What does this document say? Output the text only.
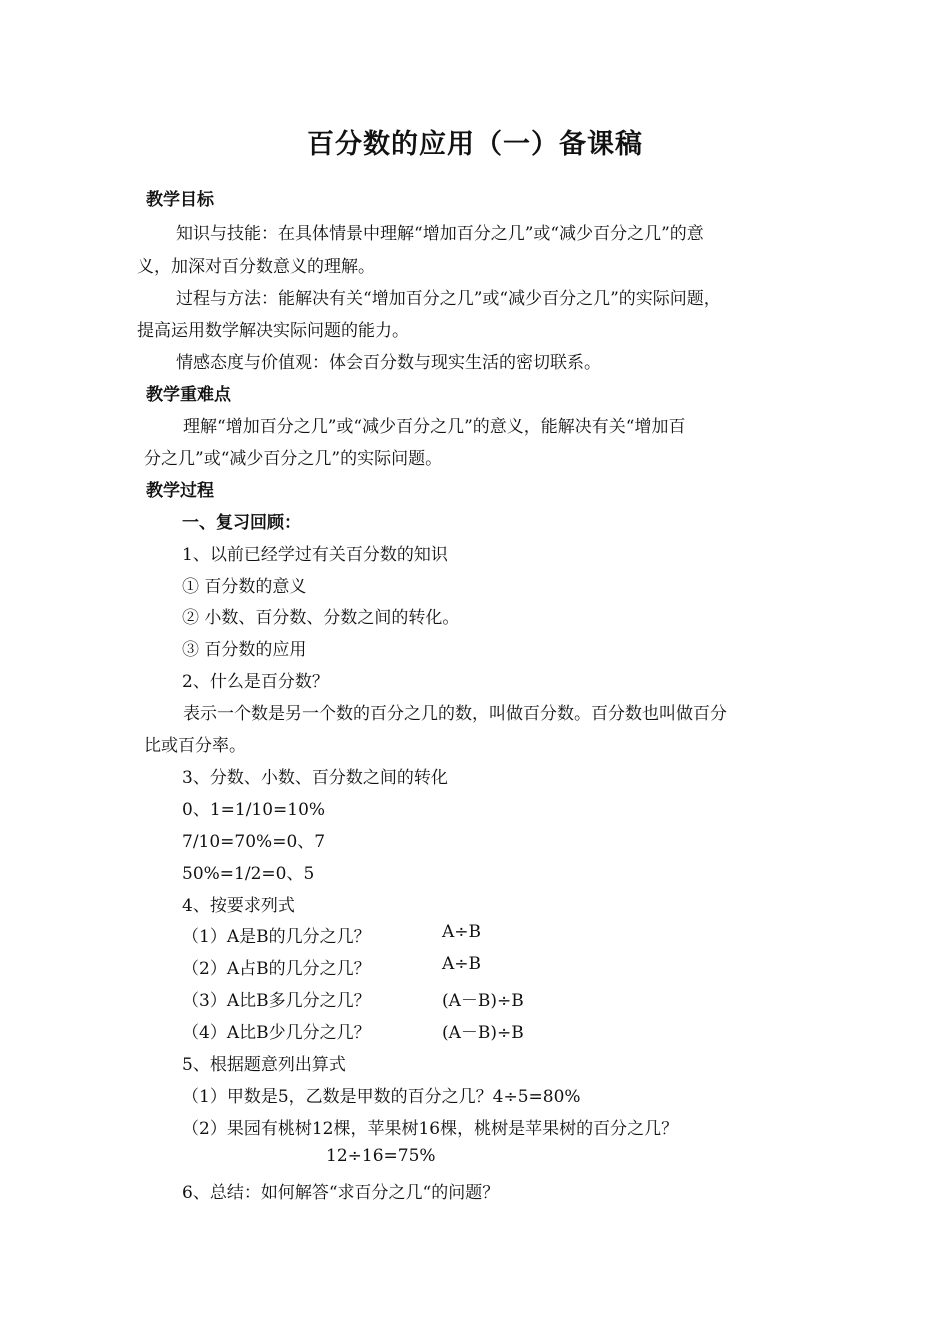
百分数的应用（一）备课稿
教学目标
知识与技能：在具体情景中理解“增加百分之几”或“减少百分之几”的意
义，加深对百分数意义的理解。
过程与方法：能解决有关“增加百分之几”或“减少百分之几”的实际问题，
提高运用数学解决实际问题的能力。
情感态度与价值观：体会百分数与现实生活的密切联系。
教学重难点
理解“增加百分之几”或“减少百分之几”的意义，能解决有关“增加百
分之几”或“减少百分之几”的实际问题。
教学过程
一、复习回顾：
1、以前已经学过有关百分数的知识
① 百分数的意义
② 小数、百分数、分数之间的转化。
③ 百分数的应用
2、什么是百分数？
表示一个数是另一个数的百分之几的数，叫做百分数。百分数也叫做百分
比或百分率。
3、分数、小数、百分数之间的转化
0、1=1/10=10%
7/10=70%=0、7
50%=1/2=0、5
4、按要求列式
（1）A是B的几分之几？	A÷B
（2）A占B的几分之几？	A÷B
（3）A比B多几分之几？	(A－B)÷B
（4）A比B少几分之几？	(A－B)÷B
5、根据题意列出算式
（1）甲数是5，乙数是甲数的百分之几？4÷5=80%
（2）果园有桃树12棵，苹果树16棵，桃树是苹果树的百分之几？
12÷16=75%
6、总结：如何解答“求百分之几“的问题？
